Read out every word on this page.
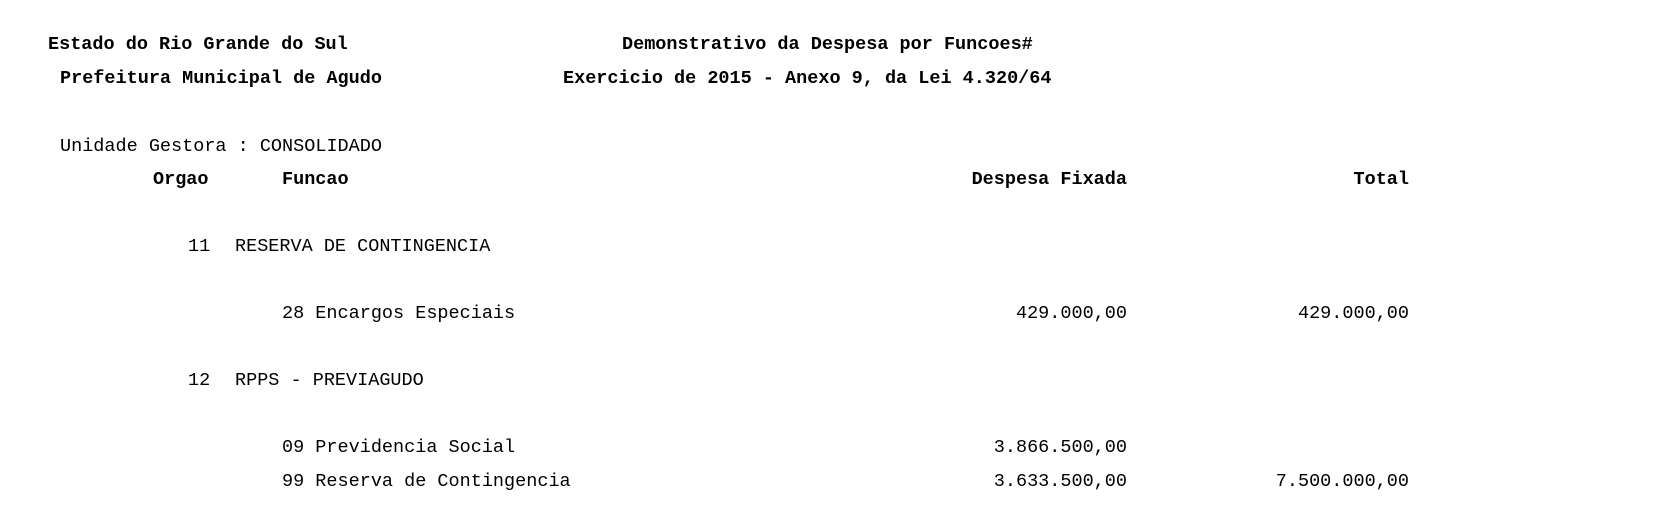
Estado do Rio Grande do Sul
Prefeitura Municipal de Agudo
Demonstrativo da Despesa por Funcoes#
Exercicio de 2015 - Anexo 9, da Lei 4.320/64
Unidade Gestora : CONSOLIDADO
Orgao	Funcao	Despesa Fixada	Total
11 RESERVA DE CONTINGENCIA
28 Encargos Especiais	429.000,00	429.000,00
12 RPPS - PREVIAGUDO
09 Previdencia Social	3.866.500,00
99 Reserva de Contingencia	3.633.500,00	7.500.000,00
